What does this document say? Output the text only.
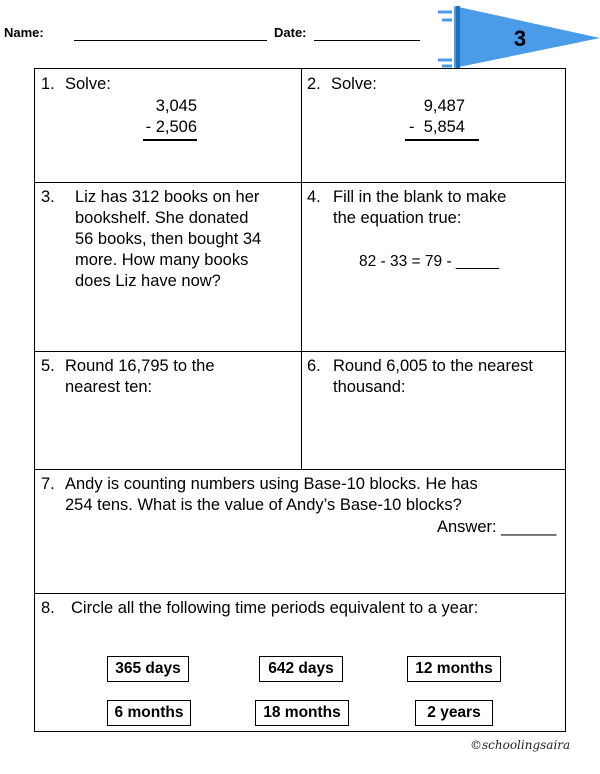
Name:	Date:	3
1. Solve:
3,045
- 2,506
2. Solve:
9,487
-  5,854
3. Liz has 312 books on her
bookshelf. She donated
56 books, then bought 34
more. How many books
does Liz have now?
4. Fill in the blank to make
the equation true:
82 - 33 = 79 - _____
5. Round 16,795 to the
nearest ten:
6. Round 6,005 to the nearest
thousand:
7. Andy is counting numbers using Base-10 blocks. He has
254 tens. What is the value of Andy’s Base-10 blocks?
Answer: ______
8. Circle all the following time periods equivalent to a year:
365 days	642 days	12 months
6 months	18 months	2 years
©schoolingsaira
